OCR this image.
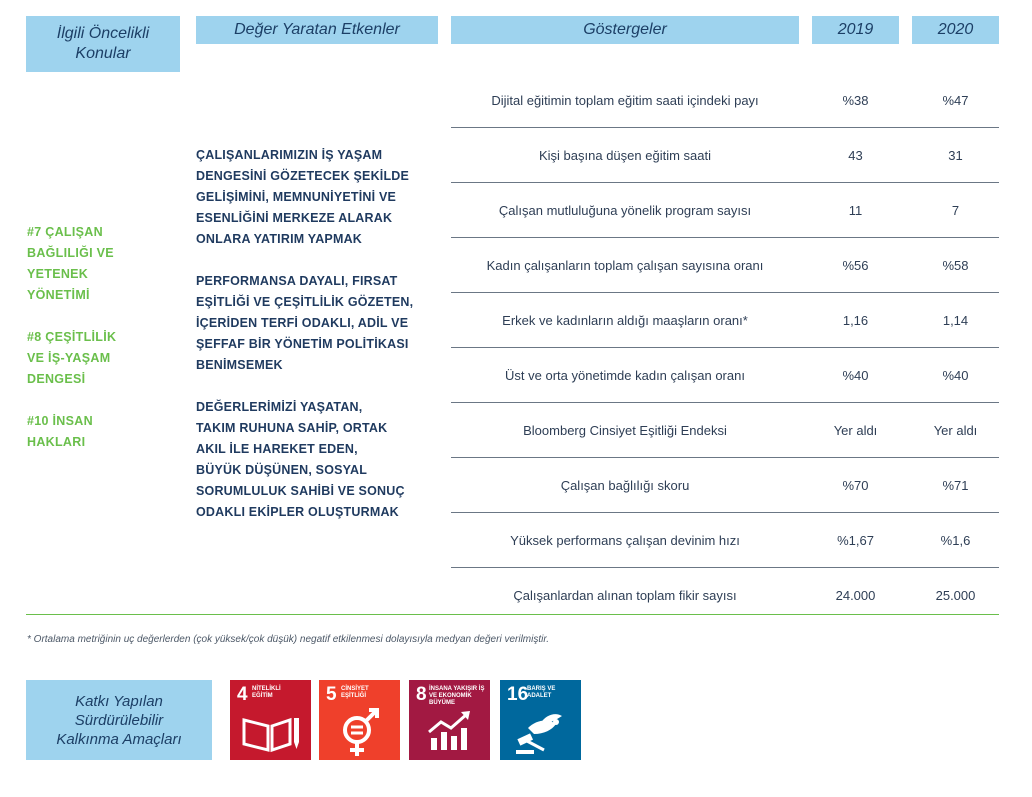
İlgili Öncelikli
Konular
Değer Yaratan Etkenler	Göstergeler	2019	2020
#7 ÇALIŞAN
BAĞLILIĞI VE
YETENEK
YÖNETİMİ
#8 ÇEŞİTLİLİK
VE İŞ-YAŞAM
DENGESİ
#10 İNSAN
HAKLARI
ÇALIŞANLARIMIZIN İŞ YAŞAM
DENGESİNİ GÖZETECEK ŞEKİLDE
GELİŞİMİNİ, MEMNUNİYETİNİ VE
ESENLİĞİNİ MERKEZE ALARAK
ONLARA YATIRIM YAPMAK
PERFORMANSA DAYALI, FIRSAT
EŞİTLİĞİ VE ÇEŞİTLİLİK GÖZETEN,
İÇERİDEN TERFİ ODAKLI, ADİL VE
ŞEFFAF BİR YÖNETİM POLİTİKASI
BENİMSEMEK
DEĞERLERİMİZİ YAŞATAN,
TAKIM RUHUNA SAHİP, ORTAK
AKIL İLE HAREKET EDEN,
BÜYÜK DÜŞÜNEN, SOSYAL
SORUMLULUK SAHİBİ VE SONUÇ
ODAKLI EKİPLER OLUŞTURMAK
Dijital eğitimin toplam eğitim saati içindeki payı	%38	%47
Kişi başına düşen eğitim saati	43	31
Çalışan mutluluğuna yönelik program sayısı	11	7
Kadın çalışanların toplam çalışan sayısına oranı	%56	%58
Erkek ve kadınların aldığı maaşların oranı*	1,16	1,14
Üst ve orta yönetimde kadın çalışan oranı	%40	%40
Bloomberg Cinsiyet Eşitliği Endeksi	Yer aldı	Yer aldı
Çalışan bağlılığı skoru	%70	%71
Yüksek performans çalışan devinim hızı	%1,67	%1,6
Çalışanlardan alınan toplam fikir sayısı	24.000	25.000
* Ortalama metriğinin uç değerlerden (çok yüksek/çok düşük) negatif etkilenmesi dolayısıyla medyan değeri verilmiştir.
Katkı Yapılan
Sürdürülebilir
Kalkınma Amaçları
4 NİTELİKLİ
EĞİTİM	5 CİNSİYET
EŞİTLİĞİ	8 İNSANA YAKIŞIR İŞ
VE EKONOMİK BÜYÜME	16
BARIŞ VE
ADALET
